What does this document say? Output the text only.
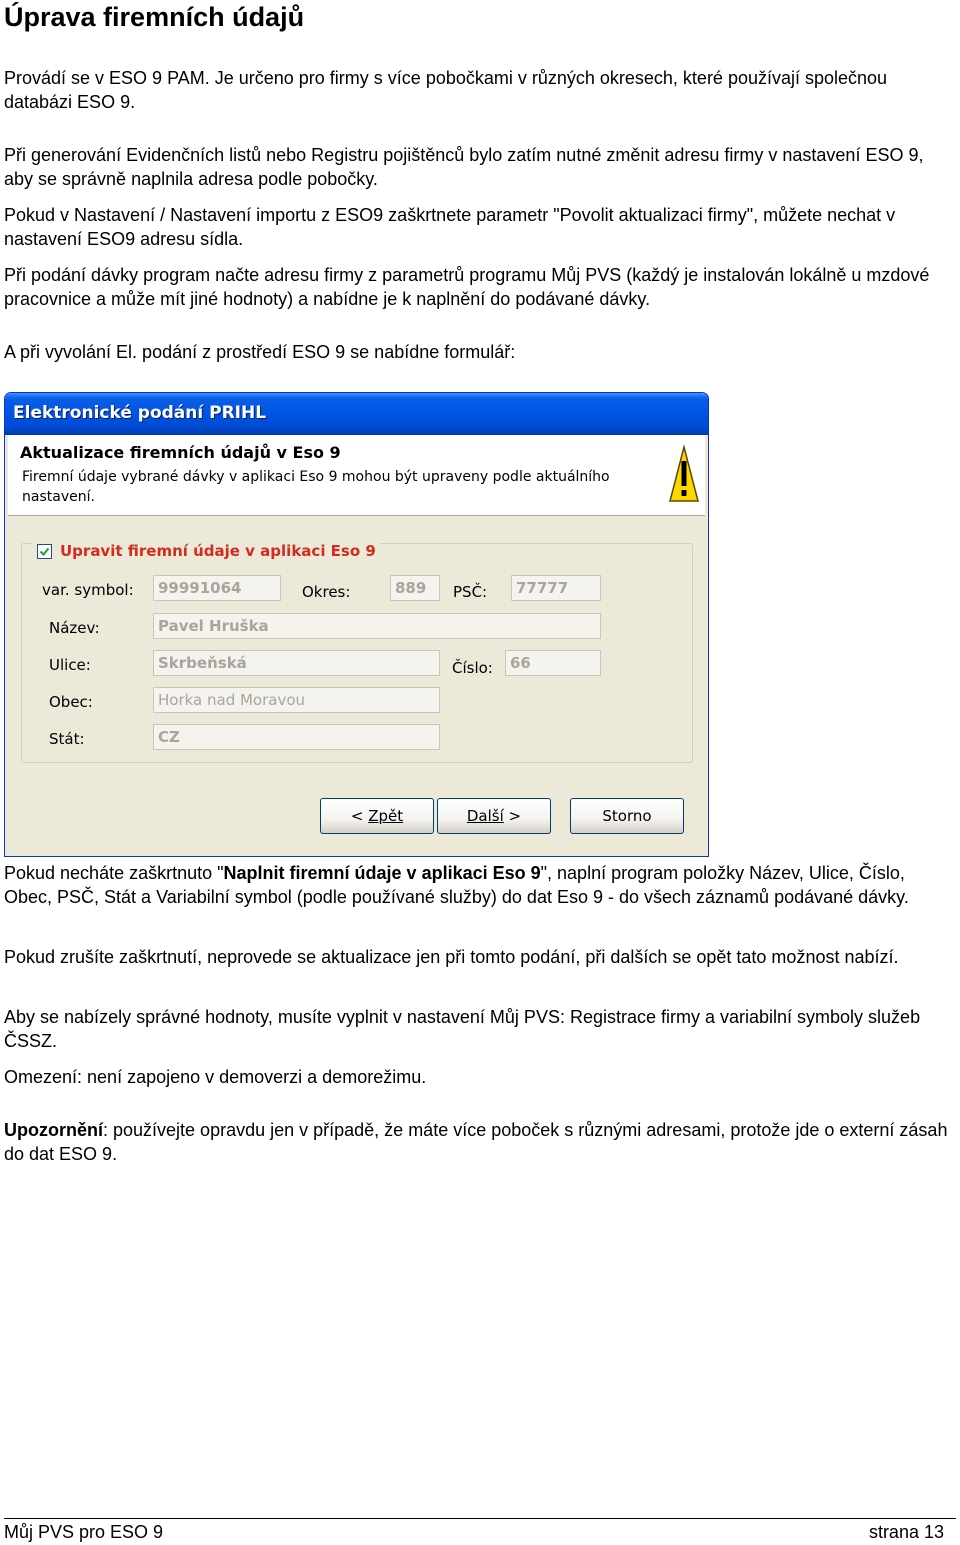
Úprava firemních údajů

Provádí se v ESO 9 PAM. Je určeno pro firmy s více pobočkami v různých okresech, které používají společnou databázi ESO 9.

Při generování Evidenčních listů nebo Registru pojištěnců bylo zatím nutné změnit adresu firmy v nastavení ESO 9, aby se správně naplnila adresa podle pobočky.

Pokud v Nastavení / Nastavení importu z ESO9 zaškrtnete parametr "Povolit aktualizaci firmy", můžete nechat v nastavení ESO9 adresu sídla.

Při podání dávky program načte adresu firmy z parametrů programu Můj PVS (každý je instalován lokálně u mzdové pracovnice a může mít jiné hodnoty) a nabídne je k naplnění do podávané dávky.

A při vyvolání El. podání z prostředí ESO 9 se nabídne formulář:

Elektronické podání PRIHL
Aktualizace firemních údajů v Eso 9
Firemní údaje vybrané dávky v aplikaci Eso 9 mohou být upraveny podle aktuálního nastavení.
Upravit firemní údaje v aplikaci Eso 9
var. symbol:	99991064	Okres:	889	PSČ:	77777
Název:	Pavel Hruška
Ulice:	Skrbeňská	Číslo:	66
Obec:	Horka nad Moravou
Stát:	CZ
< Zpět	Další >	Storno

Pokud necháte zaškrtnuto "Naplnit firemní údaje v aplikaci Eso 9", naplní program položky Název, Ulice, Číslo, Obec, PSČ, Stát a Variabilní symbol (podle používané služby) do dat Eso 9 - do všech záznamů podávané dávky.

Pokud zrušíte zaškrtnutí, neprovede se aktualizace jen při tomto podání, při dalších se opět tato možnost nabízí.

Aby se nabízely správné hodnoty, musíte vyplnit v nastavení Můj PVS: Registrace firmy a variabilní symboly služeb ČSSZ.

Omezení: není zapojeno v demoverzi a demorežimu.

Upozornění: používejte opravdu jen v případě, že máte více poboček s různými adresami, protože jde o externí zásah do dat ESO 9.

Můj PVS pro ESO 9	strana 13
